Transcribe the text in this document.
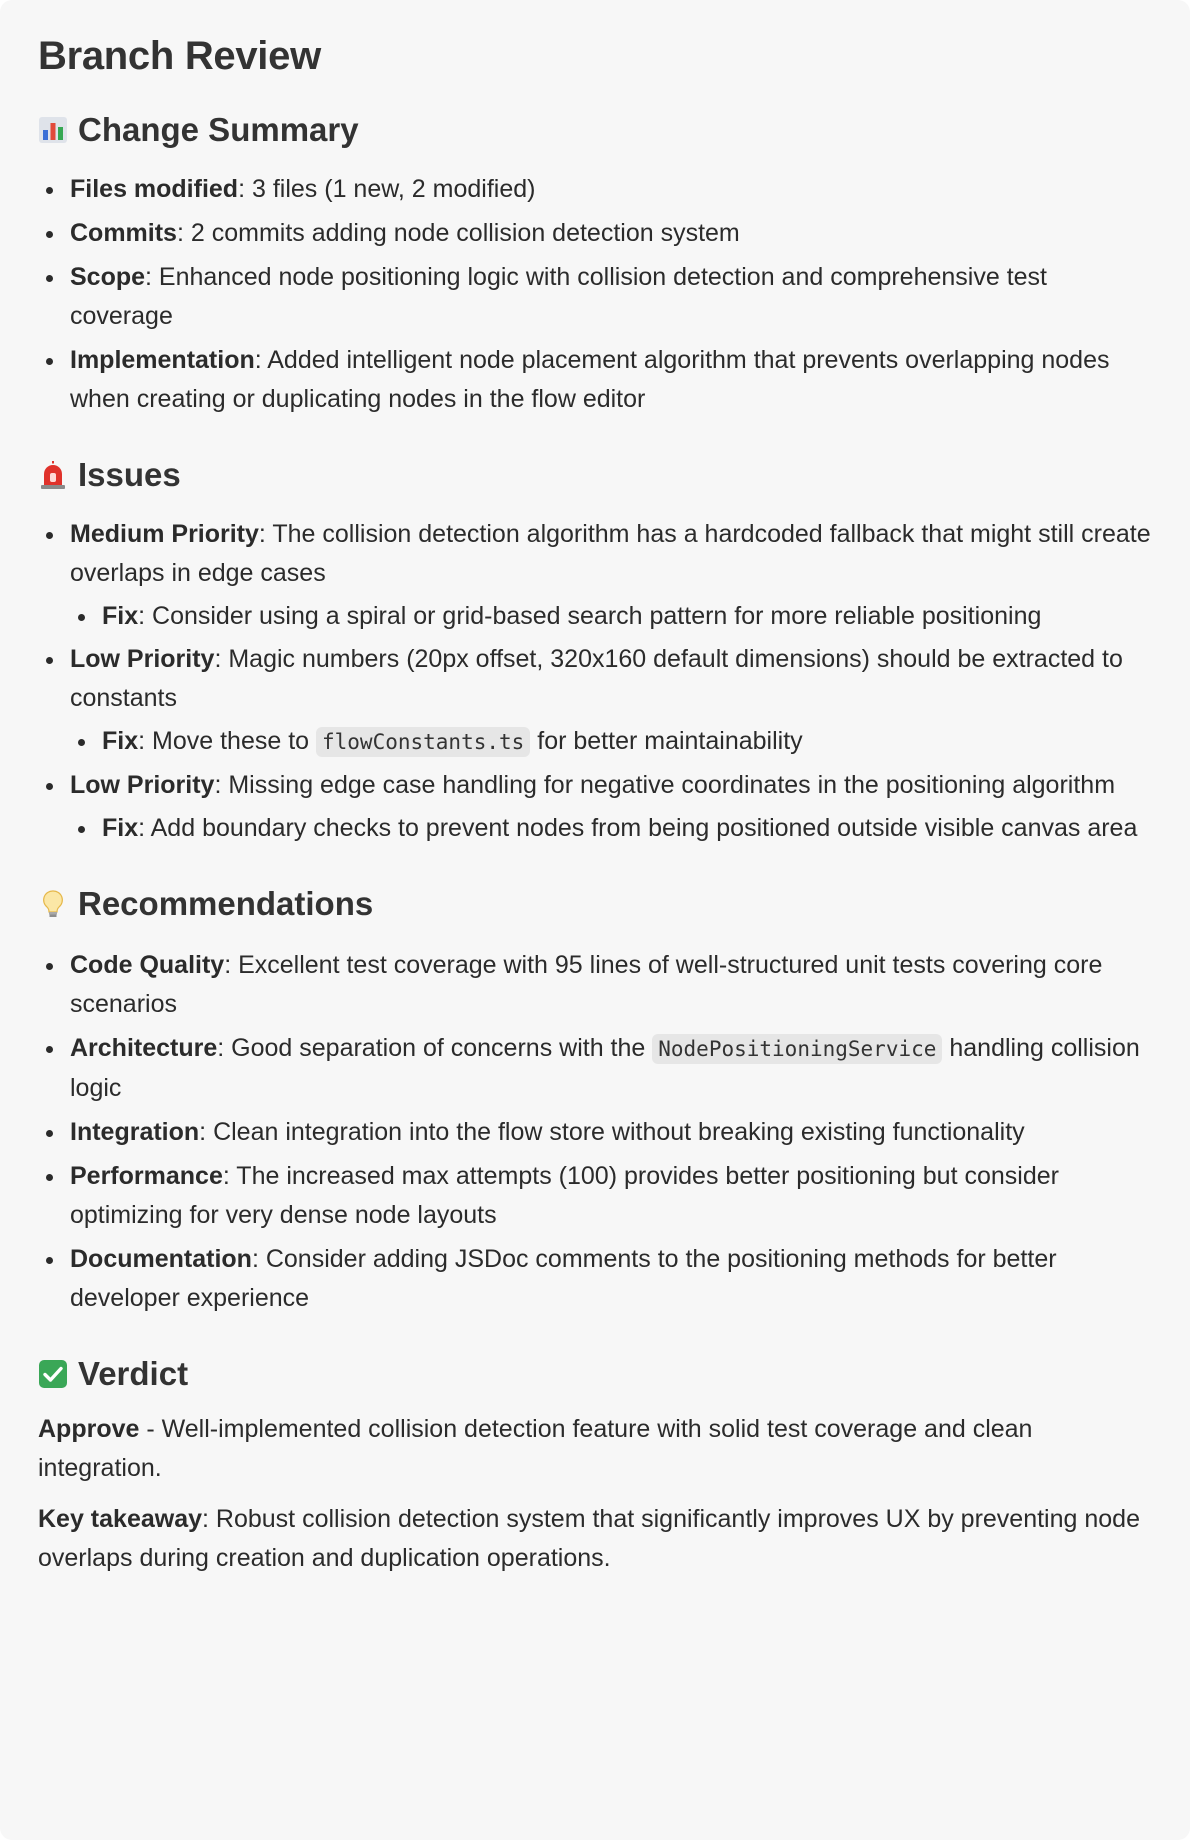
Branch Review
Change Summary
Files modified: 3 files (1 new, 2 modified)
Commits: 2 commits adding node collision detection system
Scope: Enhanced node positioning logic with collision detection and comprehensive test coverage
Implementation: Added intelligent node placement algorithm that prevents overlapping nodes when creating or duplicating nodes in the flow editor
Issues
Medium Priority: The collision detection algorithm has a hardcoded fallback that might still create overlaps in edge cases
Fix: Consider using a spiral or grid-based search pattern for more reliable positioning
Low Priority: Magic numbers (20px offset, 320x160 default dimensions) should be extracted to constants
Fix: Move these to flowConstants.ts for better maintainability
Low Priority: Missing edge case handling for negative coordinates in the positioning algorithm
Fix: Add boundary checks to prevent nodes from being positioned outside visible canvas area
Recommendations
Code Quality: Excellent test coverage with 95 lines of well-structured unit tests covering core scenarios
Architecture: Good separation of concerns with the NodePositioningService handling collision logic
Integration: Clean integration into the flow store without breaking existing functionality
Performance: The increased max attempts (100) provides better positioning but consider optimizing for very dense node layouts
Documentation: Consider adding JSDoc comments to the positioning methods for better developer experience
Verdict

Approve - Well-implemented collision detection feature with solid test coverage and clean integration.

Key takeaway: Robust collision detection system that significantly improves UX by preventing node overlaps during creation and duplication operations.
